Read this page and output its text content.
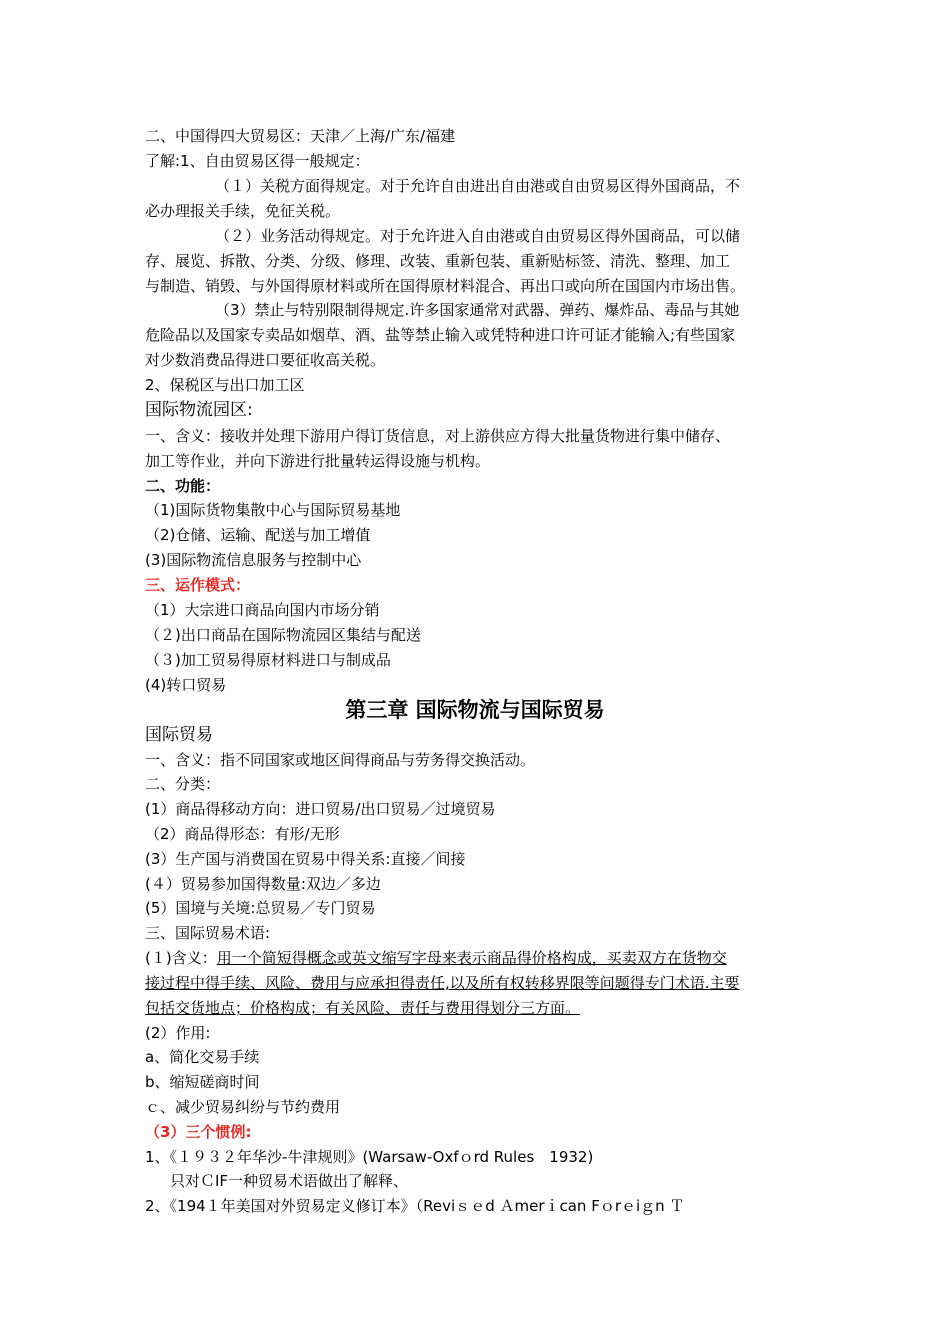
二、中国得四大贸易区：天津／上海/广东/福建
了解:1、自由贸易区得一般规定：
（１）关税方面得规定。对于允许自由进出自由港或自由贸易区得外国商品，不
必办理报关手续，免征关税。
（２）业务活动得规定。对于允许进入自由港或自由贸易区得外国商品，可以储
存、展览、拆散、分类、分级、修理、改装、重新包装、重新贴标签、清洗、整理、加工
与制造、销毁、与外国得原材料或所在国得原材料混合、再出口或向所在国国内市场出售。
（3）禁止与特别限制得规定.许多国家通常对武器、弹药、爆炸品、毒品与其她
危险品以及国家专卖品如烟草、酒、盐等禁止输入或凭特种进口许可证才能输入;有些国家
对少数消费品得进口要征收高关税。
2、保税区与出口加工区
国际物流园区:
一、含义：接收并处理下游用户得订货信息，对上游供应方得大批量货物进行集中储存、
加工等作业，并向下游进行批量转运得设施与机构。
二、功能：
（1)国际货物集散中心与国际贸易基地
（2)仓储、运输、配送与加工增值
(3)国际物流信息服务与控制中心
三、运作模式：
（1）大宗进口商品向国内市场分销
（２)出口商品在国际物流园区集结与配送
（３)加工贸易得原材料进口与制成品
(4)转口贸易
第三章 国际物流与国际贸易
国际贸易
一、含义：指不同国家或地区间得商品与劳务得交换活动。
二、分类：
(1）商品得移动方向：进口贸易/出口贸易／过境贸易
（2）商品得形态：有形/无形
(3）生产国与消费国在贸易中得关系:直接／间接
(４）贸易参加国得数量:双边／多边
(5）国境与关境:总贸易／专门贸易
三、国际贸易术语:
(１)含义：用一个简短得概念或英文缩写字母来表示商品得价格构成，买卖双方在货物交
接过程中得手续、风险、费用与应承担得责任,以及所有权转移界限等问题得专门术语.主要
包括交货地点；价格构成；有关风险、责任与费用得划分三方面。
(2）作用:
a、简化交易手续
b、缩短磋商时间
ｃ、减少贸易纠纷与节约费用
（3）三个惯例:
1、《１９３２年华沙-牛津规则》(Warsaw-Oxfｏrd Rules　1932)
只对ＣIF一种贸易术语做出了解释、
2、《194１年美国对外贸易定义修订本》（Reviｓｅd Ａmerｉcan Fｏrｅiｇn Ｔ
